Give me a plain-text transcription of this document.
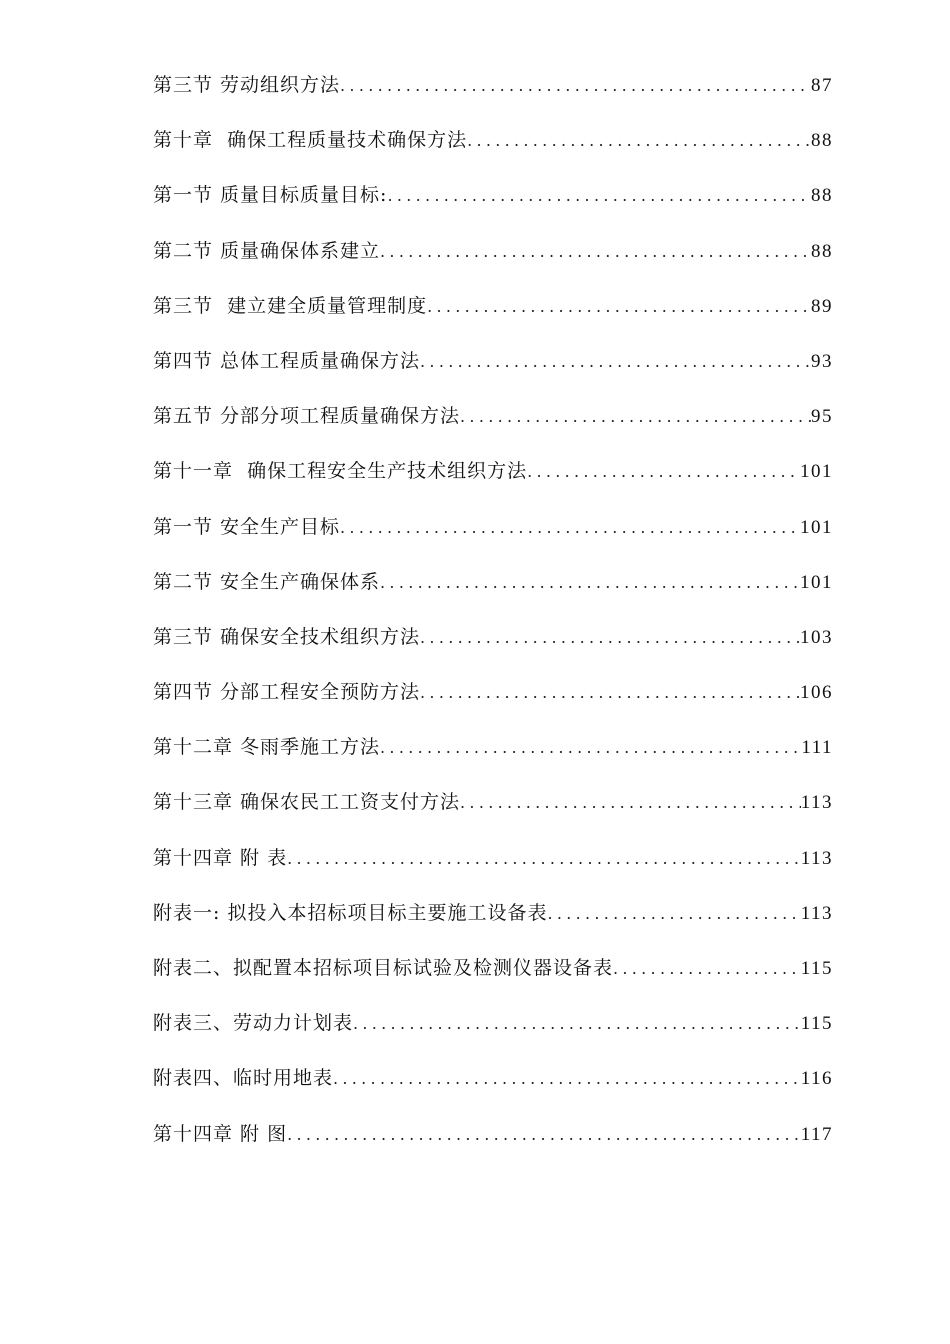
第三节 劳动组织方法 .....	87
第十章  确保工程质量技术确保方法 .....	88
第一节 质量目标质量目标: .....	88
第二节 质量确保体系建立 .....	88
第三节  建立建全质量管理制度 .....	89
第四节 总体工程质量确保方法 .....	93
第五节 分部分项工程质量确保方法 .....	95
第十一章  确保工程安全生产技术组织方法 .....	101
第一节 安全生产目标 .....	101
第二节 安全生产确保体系 .....	101
第三节 确保安全技术组织方法 .....	103
第四节 分部工程安全预防方法 .....	106
第十二章 冬雨季施工方法 .....	111
第十三章 确保农民工工资支付方法 .....	113
第十四章 附 表 .....	113
附表一: 拟投入本招标项目标主要施工设备表 .....	113
附表二、拟配置本招标项目标试验及检测仪器设备表 .....	115
附表三、劳动力计划表 .....	115
附表四、临时用地表 .....	116
第十四章 附 图 .....	117
